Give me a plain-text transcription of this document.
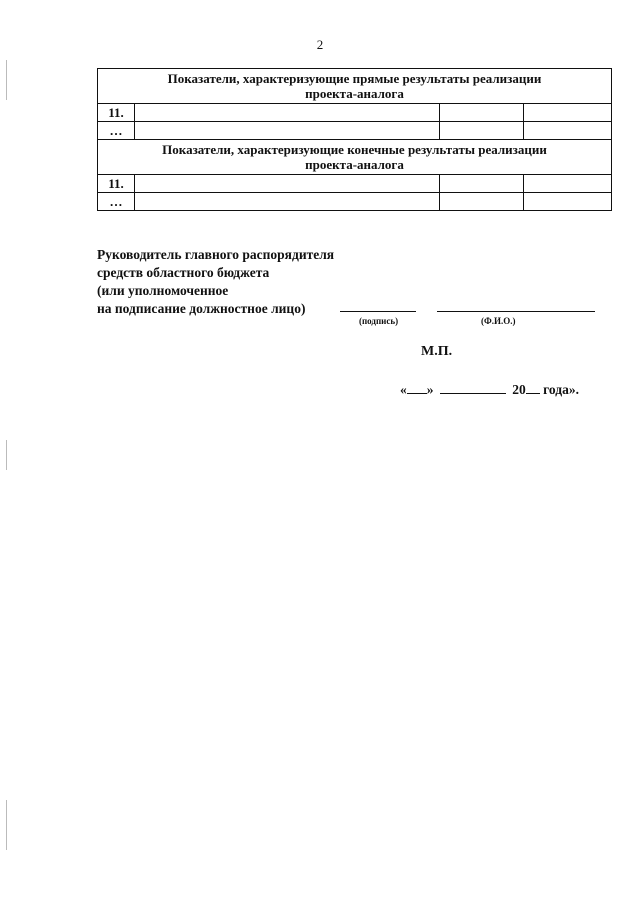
2
Показатели, характеризующие прямые результаты реализации
проекта-аналога			

11.			
…			

Показатели, характеризующие конечные результаты реализации
проекта-аналога			

11.			
…			
Руководитель главного распорядителя
средств областного бюджета
(или уполномоченное
на подписание должностное лицо)
(подпись)	(Ф.И.О.)
М.П.
« »	20 года».
